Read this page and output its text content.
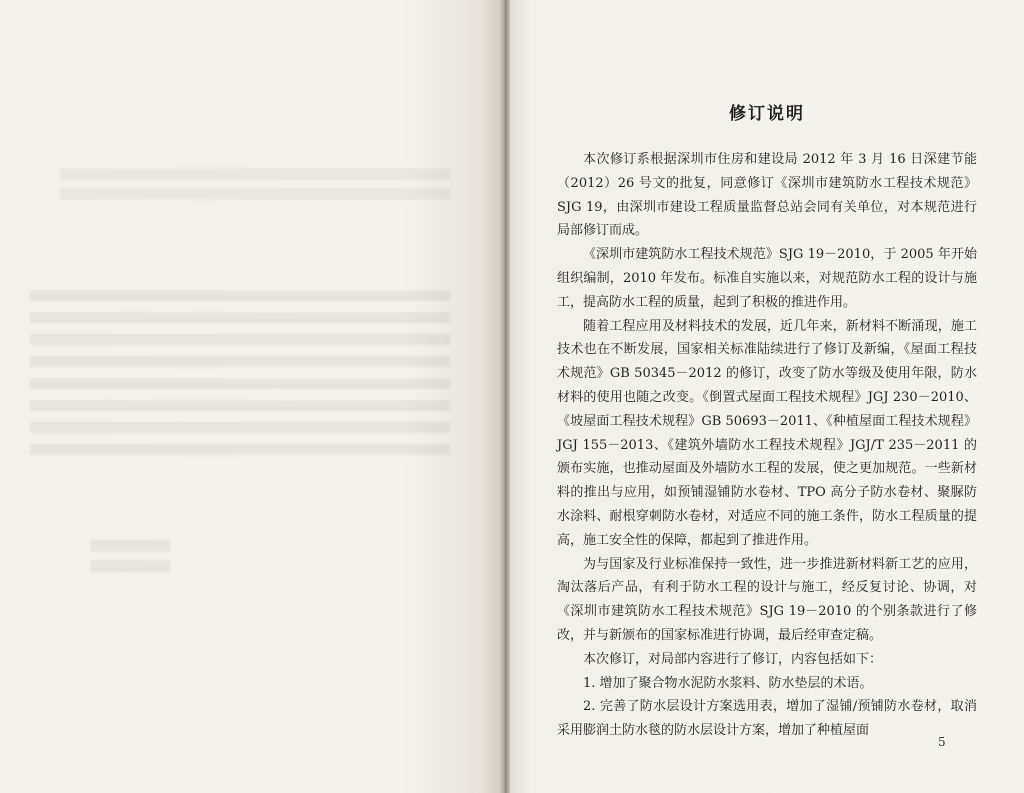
修订说明

本次修订系根据深圳市住房和建设局 2012 年 3 月 16 日深建节能（2012）26 号文的批复，同意修订《深圳市建筑防水工程技术规范》SJG 19，由深圳市建设工程质量监督总站会同有关单位，对本规范进行局部修订而成。

《深圳市建筑防水工程技术规范》SJG 19－2010，于 2005 年开始组织编制，2010 年发布。标准自实施以来，对规范防水工程的设计与施工，提高防水工程的质量，起到了积极的推进作用。

随着工程应用及材料技术的发展，近几年来，新材料不断涌现，施工技术也在不断发展，国家相关标准陆续进行了修订及新编，《屋面工程技术规范》GB 50345－2012 的修订，改变了防水等级及使用年限，防水材料的使用也随之改变。《倒置式屋面工程技术规程》JGJ 230－2010、《坡屋面工程技术规程》GB 50693－2011、《种植屋面工程技术规程》JGJ 155－2013、《建筑外墙防水工程技术规程》JGJ/T 235－2011 的颁布实施，也推动屋面及外墙防水工程的发展，使之更加规范。一些新材料的推出与应用，如预铺湿铺防水卷材、TPO 高分子防水卷材、聚脲防水涂料、耐根穿刺防水卷材，对适应不同的施工条件，防水工程质量的提高，施工安全性的保障，都起到了推进作用。

为与国家及行业标准保持一致性，进一步推进新材料新工艺的应用，淘汰落后产品，有利于防水工程的设计与施工，经反复讨论、协调，对《深圳市建筑防水工程技术规范》SJG 19－2010 的个别条款进行了修改，并与新颁布的国家标准进行协调，最后经审查定稿。

本次修订，对局部内容进行了修订，内容包括如下：

1. 增加了聚合物水泥防水浆料、防水垫层的术语。

2. 完善了防水层设计方案选用表，增加了湿铺/预铺防水卷材，取消采用膨润土防水毯的防水层设计方案，增加了种植屋面

5
